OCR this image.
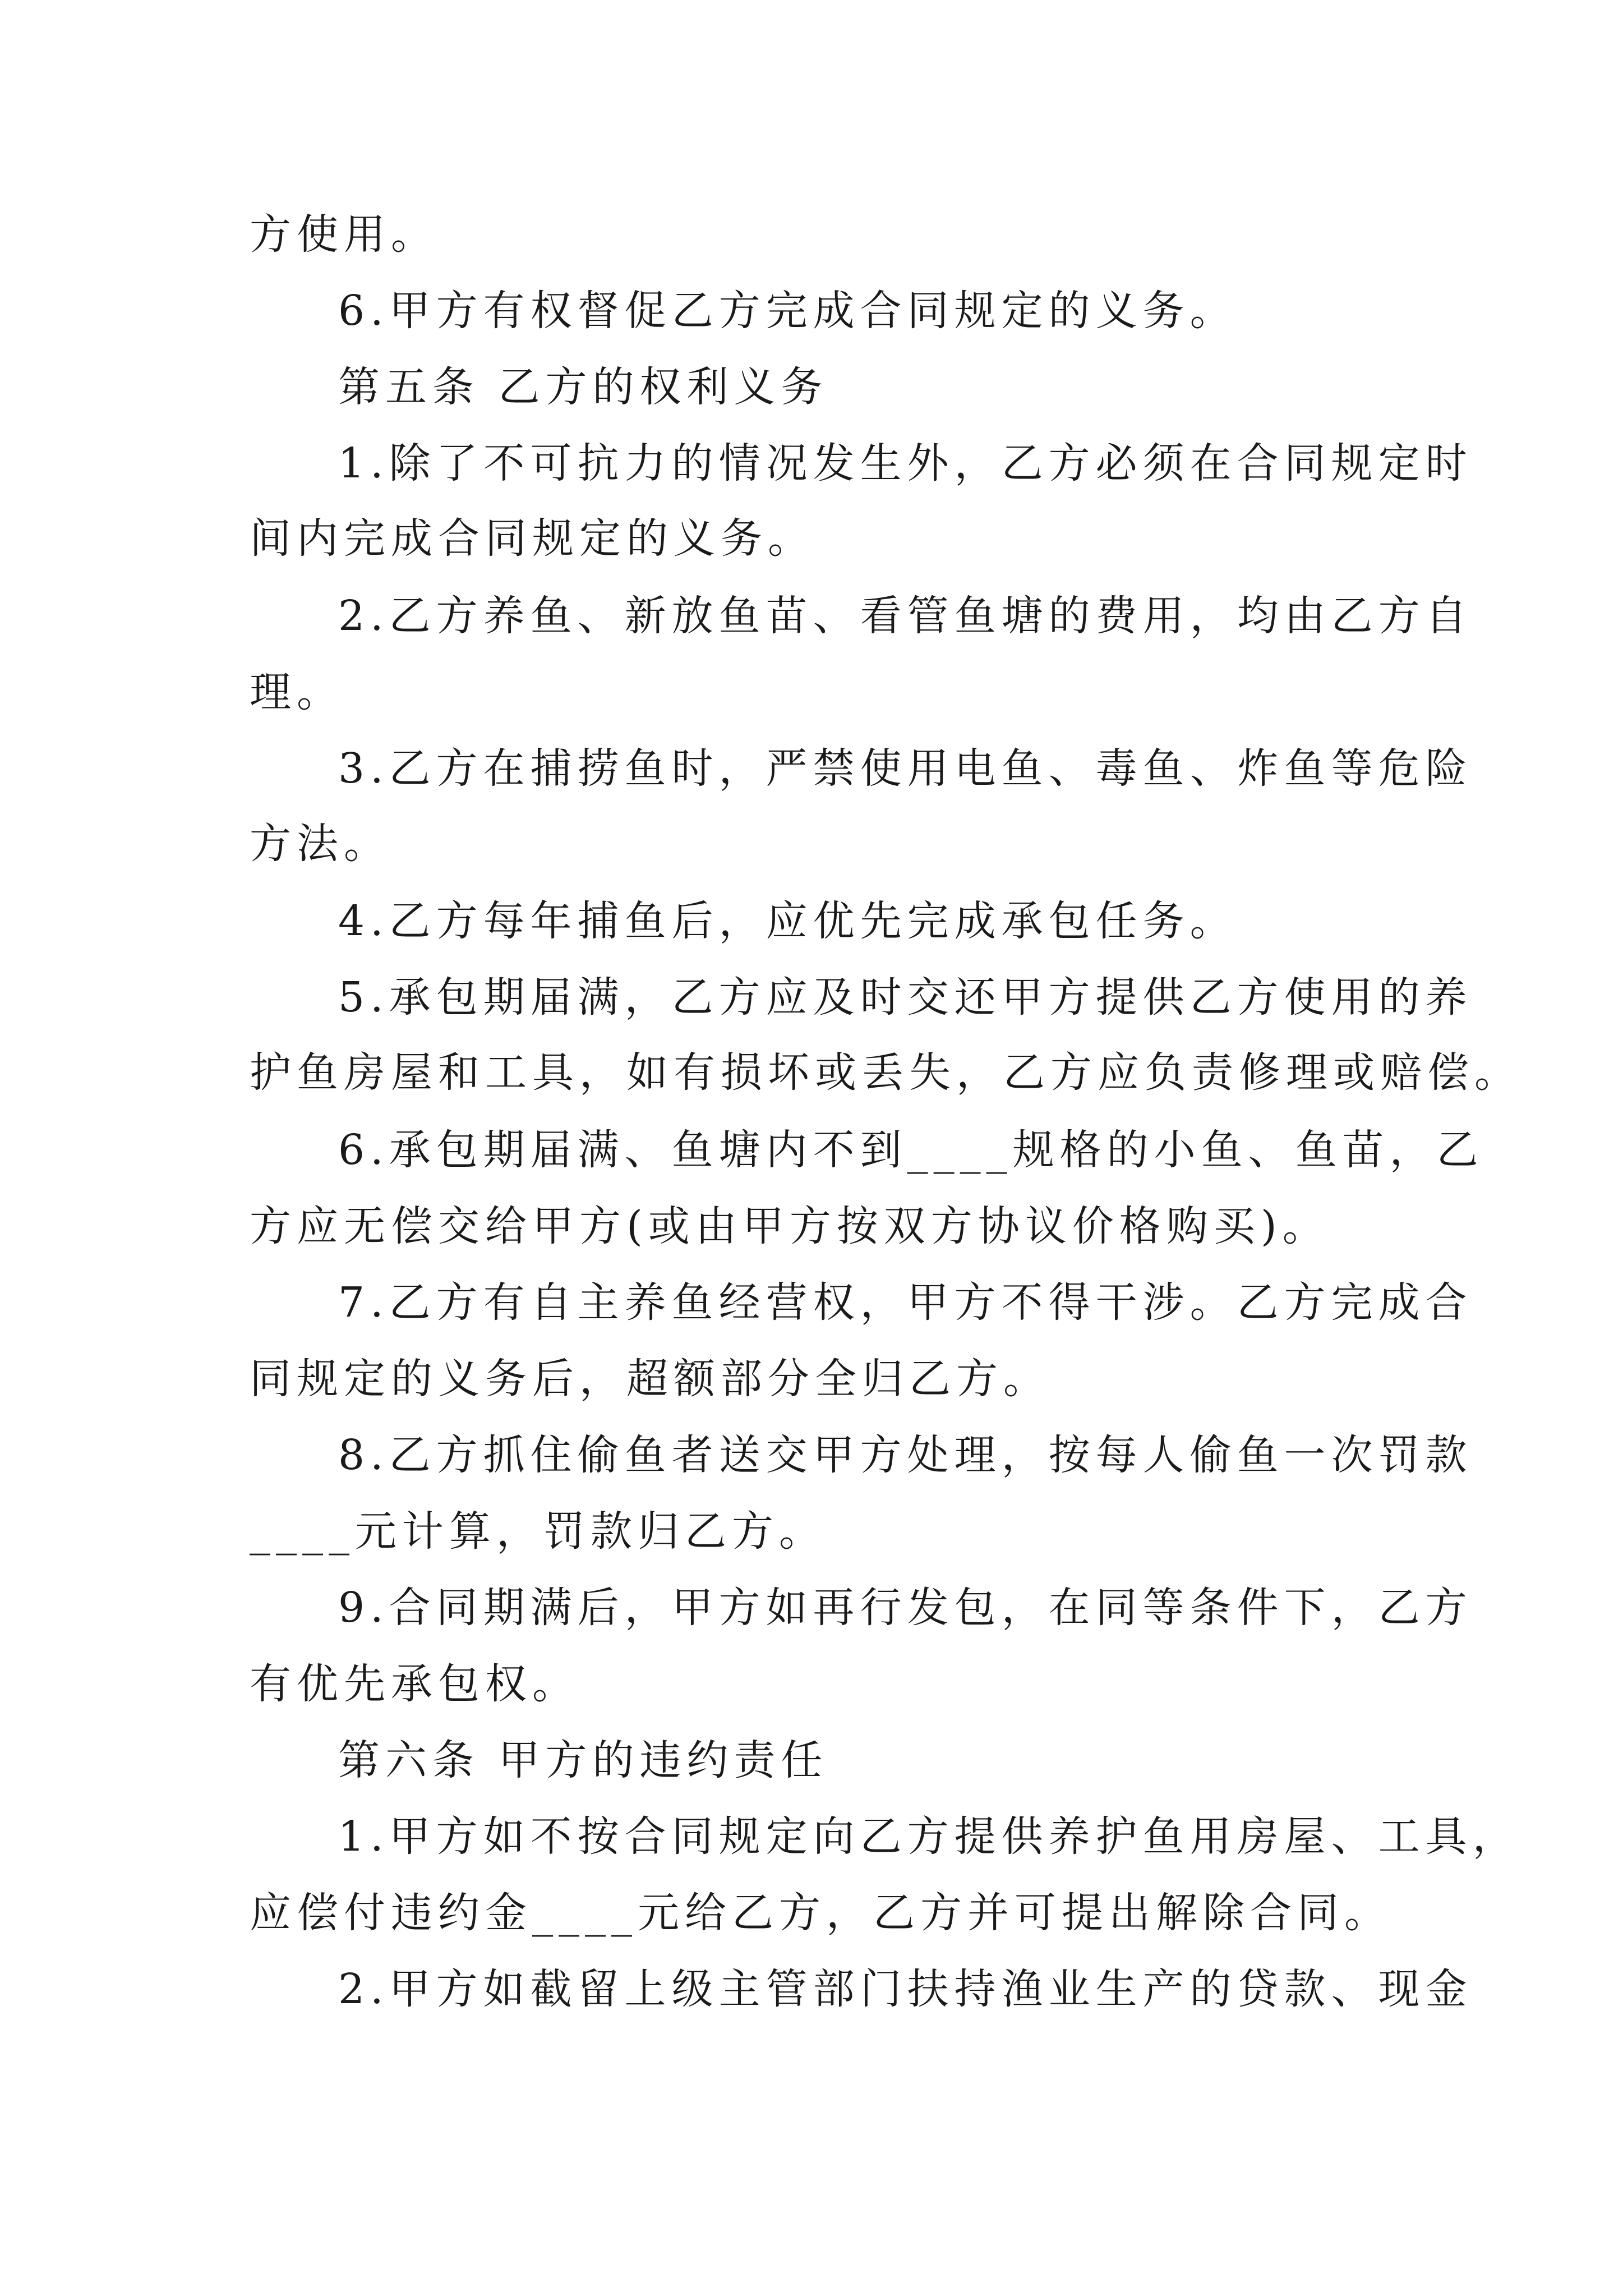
方使用。

6.甲方有权督促乙方完成合同规定的义务。

第五条 乙方的权利义务

1.除了不可抗力的情况发生外，乙方必须在合同规定时

间内完成合同规定的义务。

2.乙方养鱼、新放鱼苗、看管鱼塘的费用，均由乙方自

理。

3.乙方在捕捞鱼时，严禁使用电鱼、毒鱼、炸鱼等危险

方法。

4.乙方每年捕鱼后，应优先完成承包任务。

5.承包期届满，乙方应及时交还甲方提供乙方使用的养

护鱼房屋和工具，如有损坏或丢失，乙方应负责修理或赔偿。

6.承包期届满、鱼塘内不到____规格的小鱼、鱼苗，乙

方应无偿交给甲方(或由甲方按双方协议价格购买)。

7.乙方有自主养鱼经营权，甲方不得干涉。乙方完成合

同规定的义务后，超额部分全归乙方。

8.乙方抓住偷鱼者送交甲方处理，按每人偷鱼一次罚款

____元计算，罚款归乙方。

9.合同期满后，甲方如再行发包，在同等条件下，乙方

有优先承包权。

第六条 甲方的违约责任

1.甲方如不按合同规定向乙方提供养护鱼用房屋、工具，

应偿付违约金____元给乙方，乙方并可提出解除合同。

2.甲方如截留上级主管部门扶持渔业生产的贷款、现金
